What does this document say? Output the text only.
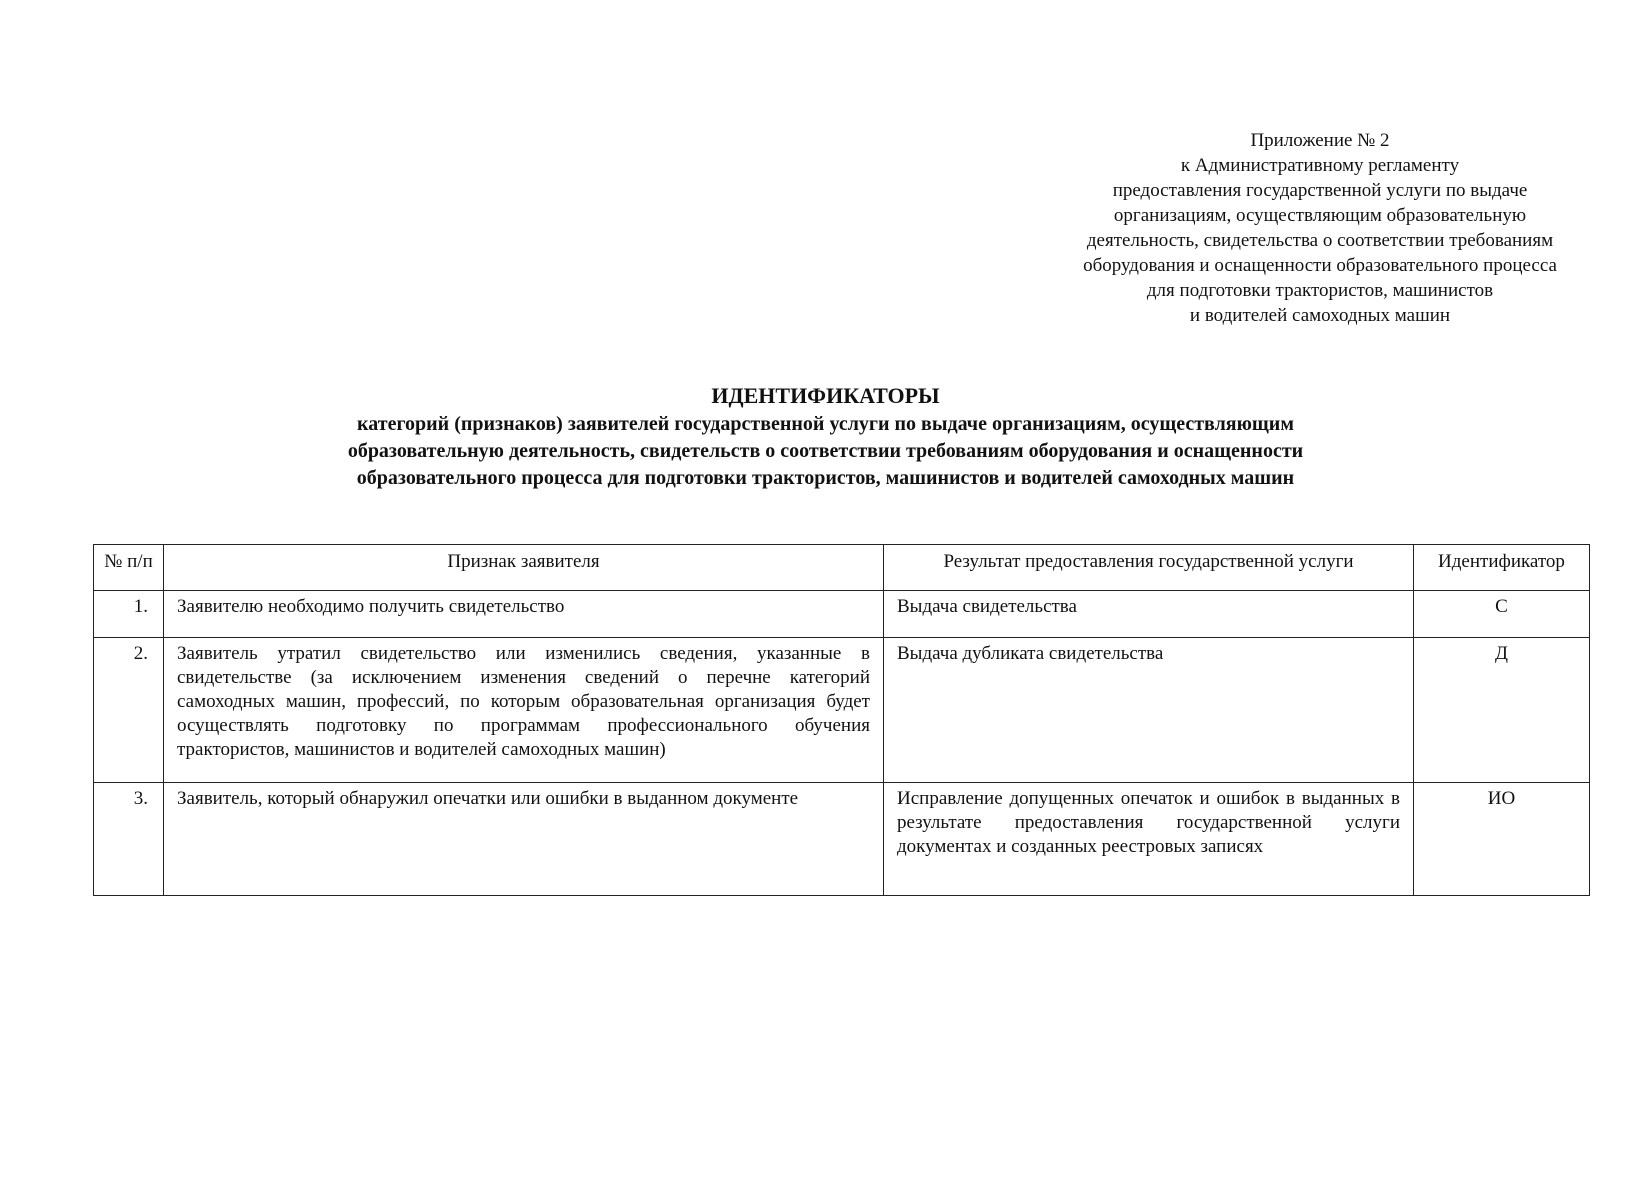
Приложение № 2
к Административному регламенту
предоставления государственной услуги по выдаче
организациям, осуществляющим образовательную
деятельность, свидетельства о соответствии требованиям
оборудования и оснащенности образовательного процесса
для подготовки трактористов, машинистов
и водителей самоходных машин
ИДЕНТИФИКАТОРЫ
категорий (признаков) заявителей государственной услуги по выдаче организациям, осуществляющим
образовательную деятельность, свидетельств о соответствии требованиям оборудования и оснащенности
образовательного процесса для подготовки трактористов, машинистов и водителей самоходных машин
№ п/п	Признак заявителя	Результат предоставления государственной услуги	Идентификатор
1.	Заявителю необходимо получить свидетельство	Выдача свидетельства	С
2.	Заявитель утратил свидетельство или изменились сведения, указанные в свидетельстве (за исключением изменения сведений о перечне категорий самоходных машин, профессий, по которым образовательная организация будет осуществлять подготовку по программам профессионального обучения трактористов, машинистов и водителей самоходных машин)	Выдача дубликата свидетельства	Д
3.	Заявитель, который обнаружил опечатки или ошибки в выданном документе	Исправление допущенных опечаток и ошибок в выданных в результате предоставления государственной услуги документах и созданных реестровых записях	ИО
